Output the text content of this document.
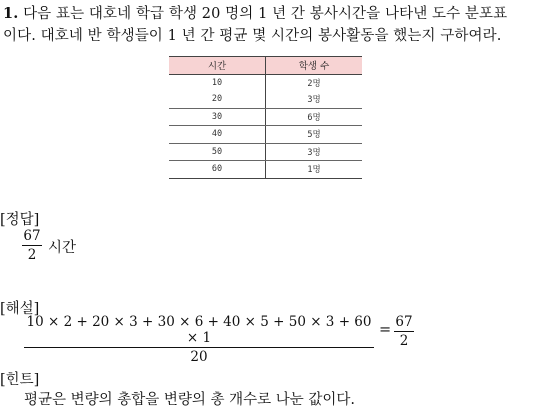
1. 다음 표는 대호네 학급 학생 20 명의 1 년 간 봉사시간을 나타낸 도수 분포표
이다. 대호네 반 학생들이 1 년 간 평균 몇 시간의 봉사활동을 했는지 구하여라.
시간	학생 수
10	2명
20	3명
30	6명
40	5명
50	3명
60	1명
[정답]
67
2 시간
[해설]
10 × 2 + 20 × 3 + 30 × 6 + 40 × 5 + 50 × 3 + 60 × 1
20
= 67
2
[힌트]
평균은 변량의 총합을 변량의 총 개수로 나눈 값이다.
